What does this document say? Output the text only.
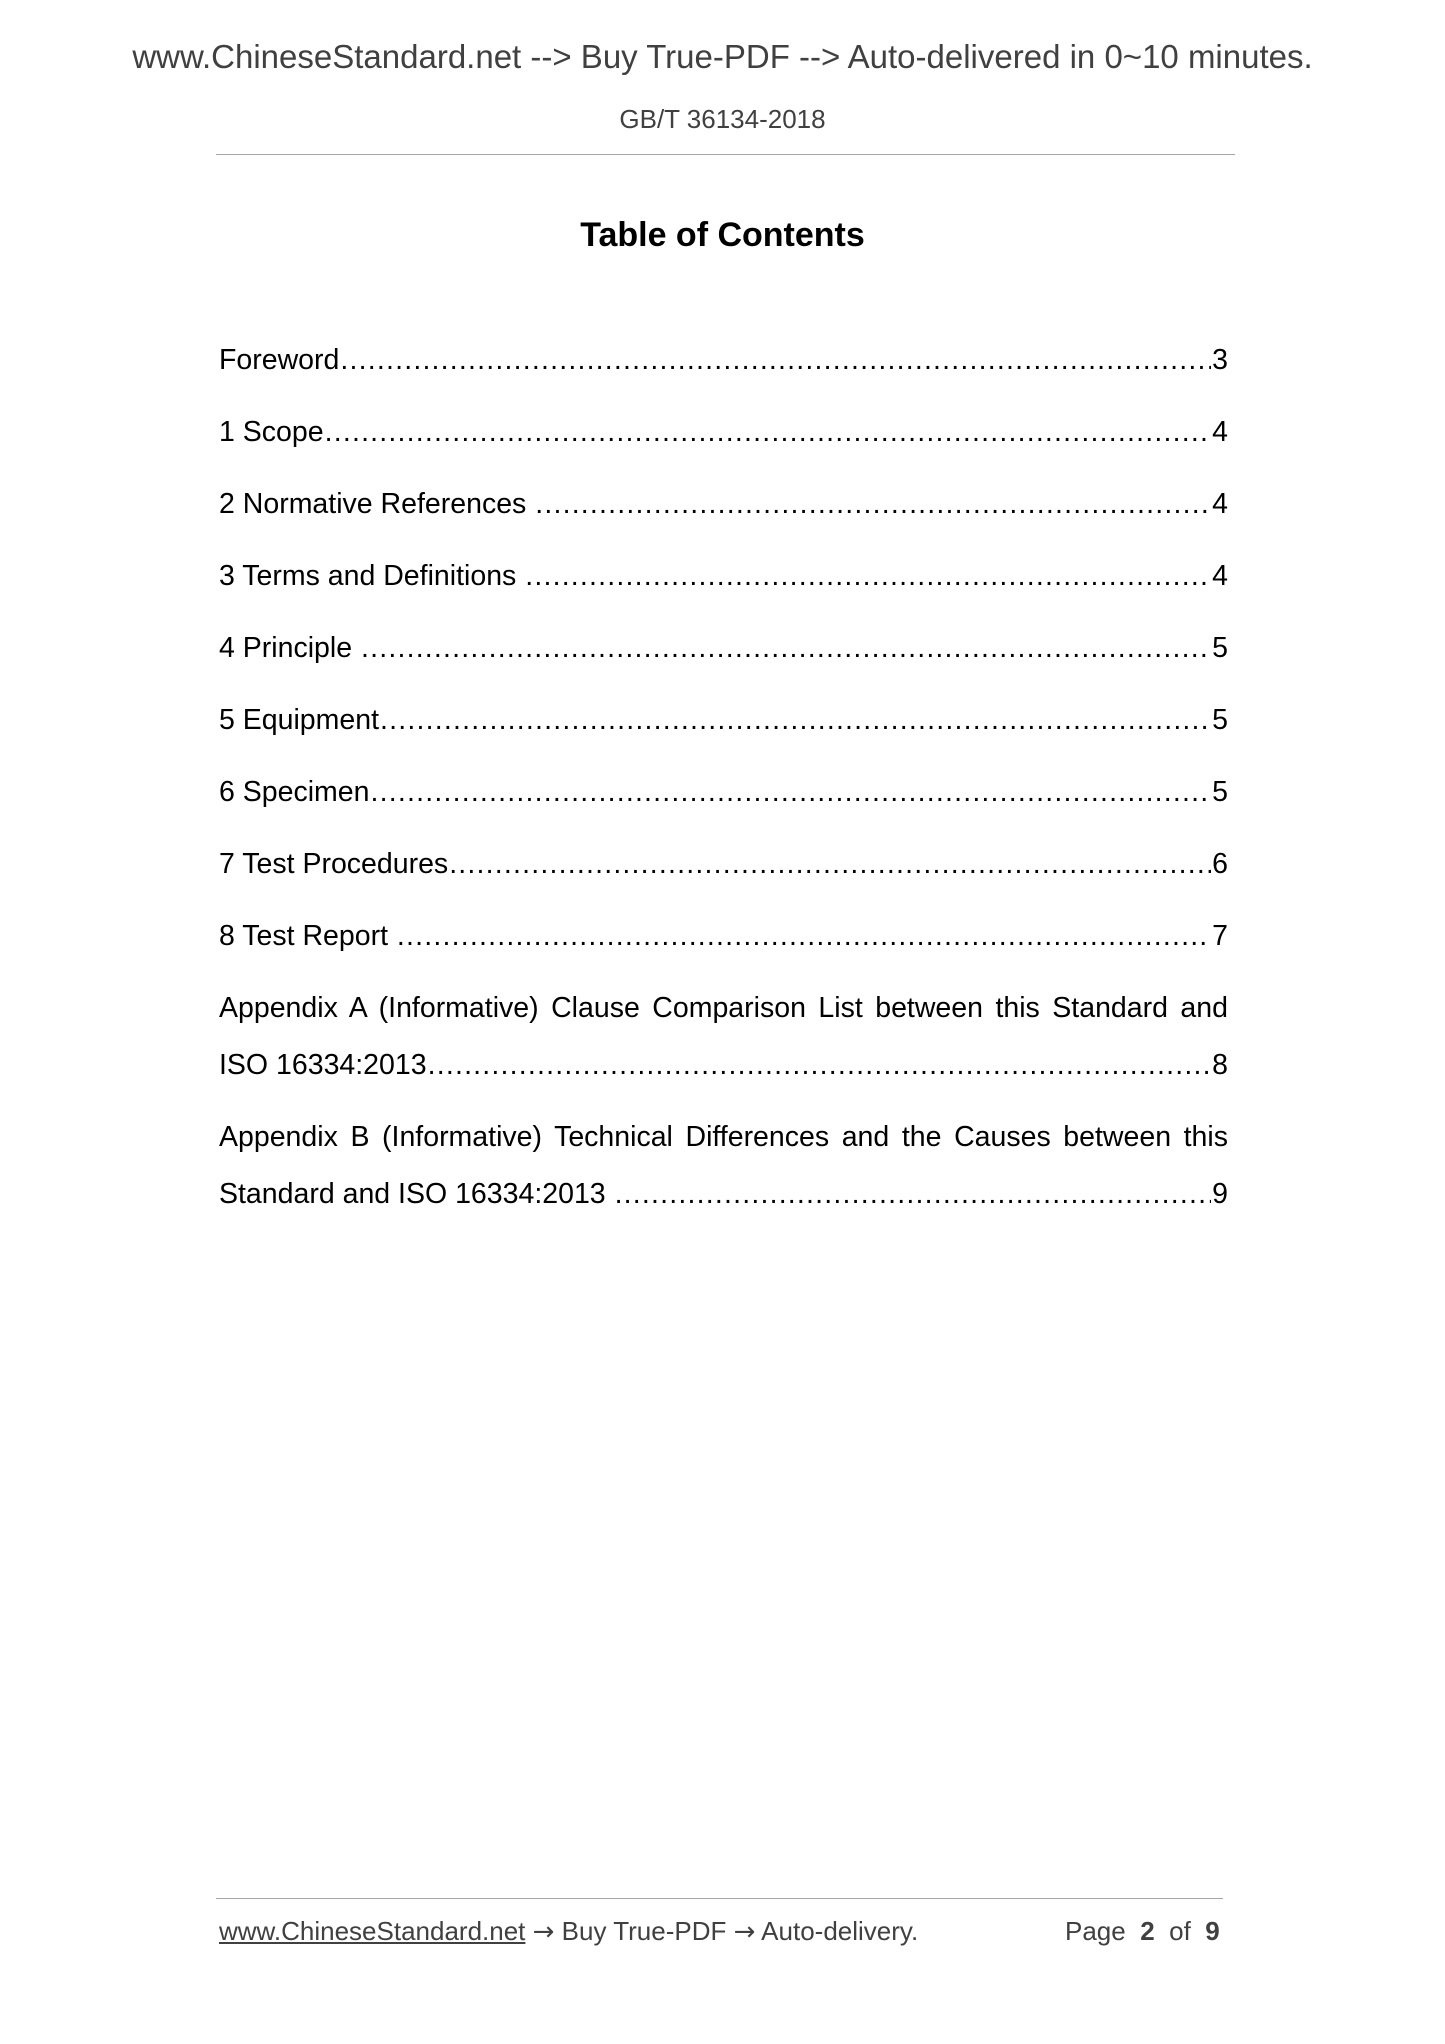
www.ChineseStandard.net --> Buy True-PDF --> Auto-delivered in 0~10 minutes.
GB/T 36134-2018
Table of Contents
Foreword .....	3
1 Scope .....	4
2 Normative References .....	4
3 Terms and Definitions .....	4
4 Principle .....	5
5 Equipment .....	5
6 Specimen .....	5
7 Test Procedures .....	6
8 Test Report .....	7
Appendix A (Informative) Clause Comparison List between this Standard and
ISO 16334:2013 .....	8
Appendix B (Informative) Technical Differences and the Causes between this
Standard and ISO 16334:2013 .....	9
www.ChineseStandard.net → Buy True-PDF → Auto-delivery.	Page 2 of 9
